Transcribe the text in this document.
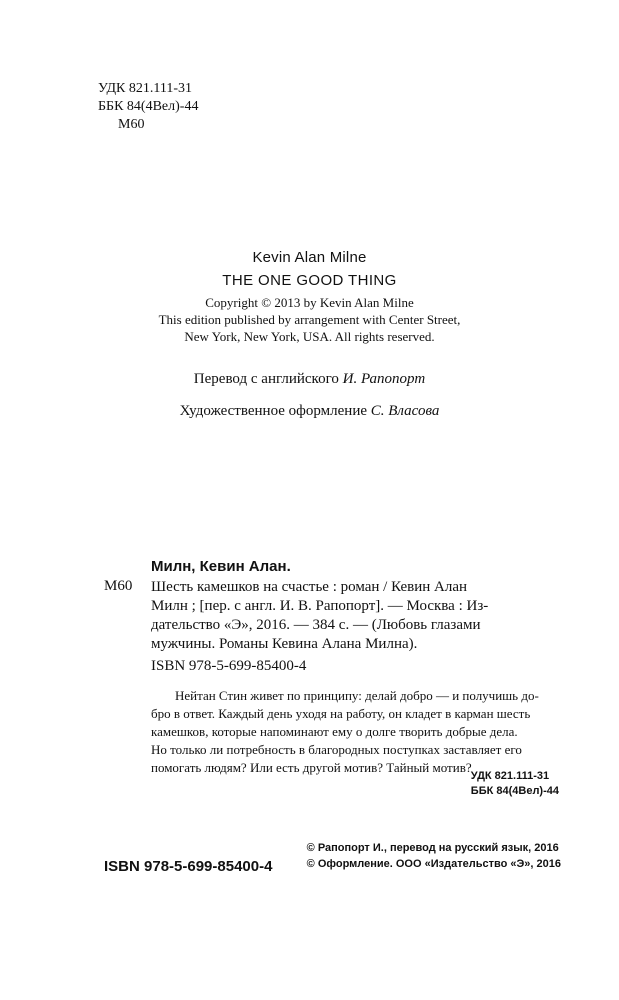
УДК 821.111-31
ББК 84(4Вел)-44
М60
Kevin Alan Milne
THE ONE GOOD THING
Copyright © 2013 by Kevin Alan Milne
This edition published by arrangement with Center Street,
New York, New York, USA. All rights reserved.
Перевод с английского И. Рапопорт
Художественное оформление С. Власова
Милн, Кевин Алан.
М60 Шесть камешков на счастье : роман / Кевин Алан
Милн ; [пер. с англ. И. В. Рапопорт]. — Москва : Из-
дательство «Э», 2016. — 384 с. — (Любовь глазами
мужчины. Романы Кевина Алана Милна).
ISBN 978-5-699-85400-4
Нейтан Стин живет по принципу: делай добро — и получишь до-
бро в ответ. Каждый день уходя на работу, он кладет в карман шесть
камешков, которые напоминают ему о долге творить добрые дела.
Но только ли потребность в благородных поступках заставляет его
помогать людям? Или есть другой мотив? Тайный мотив?
УДК 821.111-31
ББК 84(4Вел)-44
© Рапопорт И., перевод на русский язык, 2016
© Оформление. ООО «Издательство «Э», 2016
ISBN 978-5-699-85400-4
